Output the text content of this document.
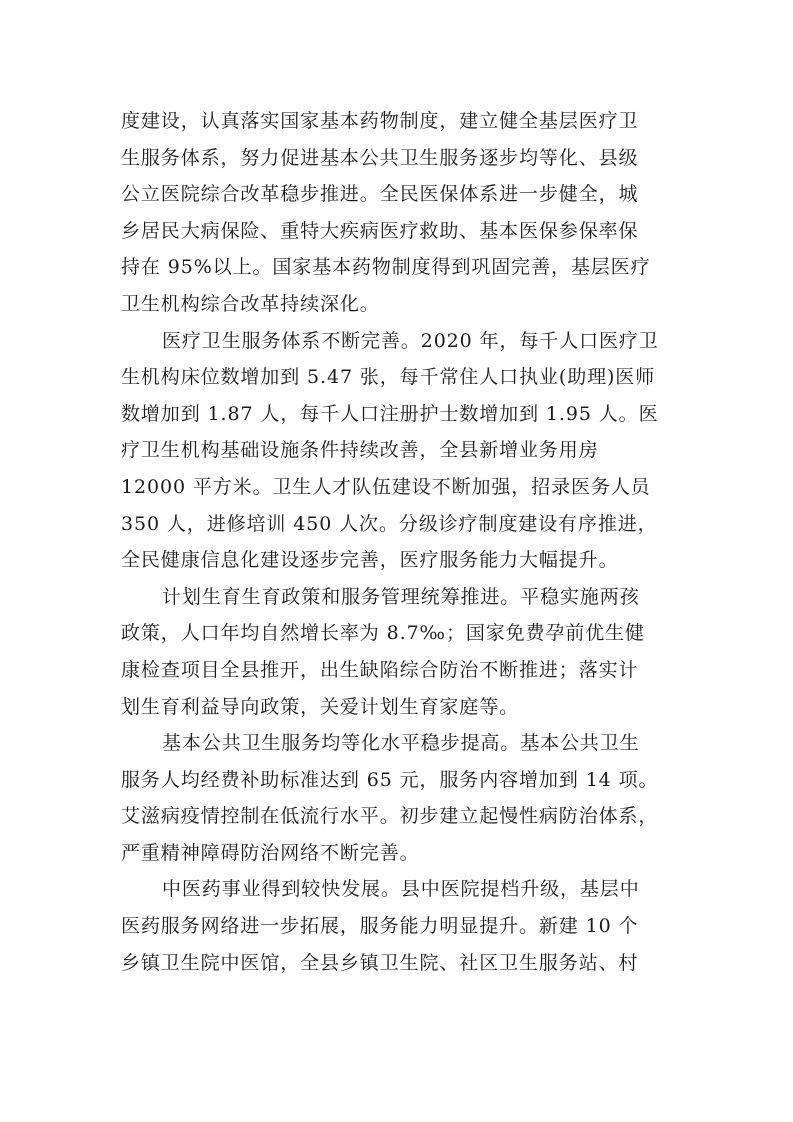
度建设，认真落实国家基本药物制度，建立健全基层医疗卫
生服务体系，努力促进基本公共卫生服务逐步均等化、县级
公立医院综合改革稳步推进。全民医保体系进一步健全，城
乡居民大病保险、重特大疾病医疗救助、基本医保参保率保
持在 95%以上。国家基本药物制度得到巩固完善，基层医疗
卫生机构综合改革持续深化。
医疗卫生服务体系不断完善。2020 年，每千人口医疗卫
生机构床位数增加到 5.47 张，每千常住人口执业(助理)医师
数增加到 1.87 人，每千人口注册护士数增加到 1.95 人。医
疗卫生机构基础设施条件持续改善，全县新增业务用房
12000 平方米。卫生人才队伍建设不断加强，招录医务人员
350 人，进修培训 450 人次。分级诊疗制度建设有序推进，
全民健康信息化建设逐步完善，医疗服务能力大幅提升。
计划生育生育政策和服务管理统筹推进。平稳实施两孩
政策，人口年均自然增长率为 8.7‰；国家免费孕前优生健
康检查项目全县推开，出生缺陷综合防治不断推进；落实计
划生育利益导向政策，关爱计划生育家庭等。
基本公共卫生服务均等化水平稳步提高。基本公共卫生
服务人均经费补助标准达到 65 元，服务内容增加到 14 项。
艾滋病疫情控制在低流行水平。初步建立起慢性病防治体系，
严重精神障碍防治网络不断完善。
中医药事业得到较快发展。县中医院提档升级，基层中
医药服务网络进一步拓展，服务能力明显提升。新建 10 个
乡镇卫生院中医馆，全县乡镇卫生院、社区卫生服务站、村
